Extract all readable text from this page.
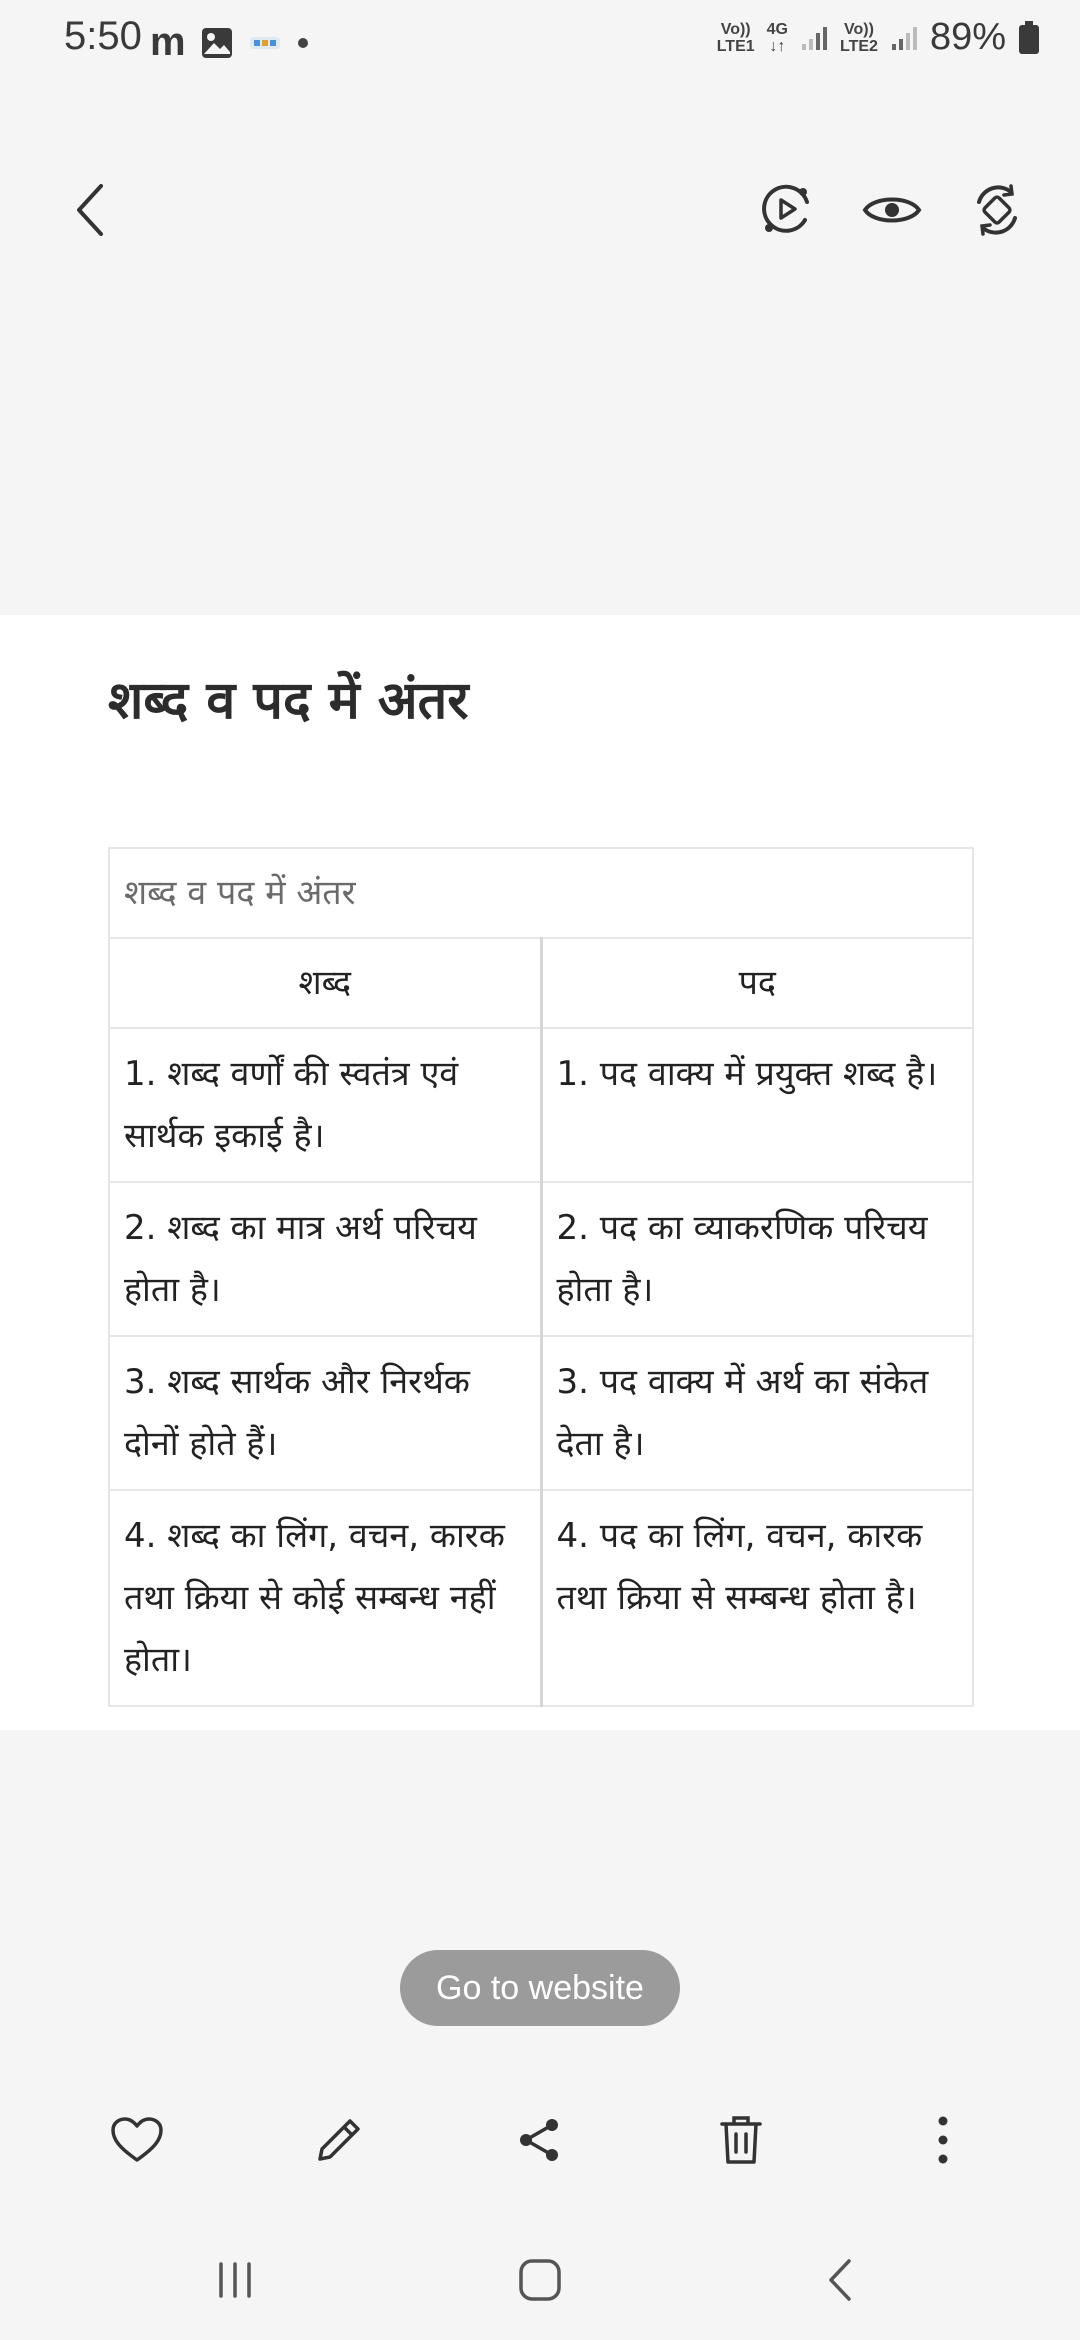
5:50 m	Vo))
LTE1
4G
↓↑
Vo))
LTE2 89%
शब्द व पद में अंतर
शब्द व पद में अंतर	
शब्द	पद
1. शब्द वर्णों की स्वतंत्र एवं सार्थक इकाई है।	1. पद वाक्य में प्रयुक्त शब्द है।
2. शब्द का मात्र अर्थ परिचय होता है।	2. पद का व्याकरणिक परिचय होता है।
3. शब्द सार्थक और निरर्थक दोनों होते हैं।	3. पद वाक्य में अर्थ का संकेत देता है।
4. शब्द का लिंग, वचन, कारक तथा क्रिया से कोई सम्बन्ध नहीं होता।	4. पद का लिंग, वचन, कारक तथा क्रिया से सम्बन्ध होता है।
Go to website
